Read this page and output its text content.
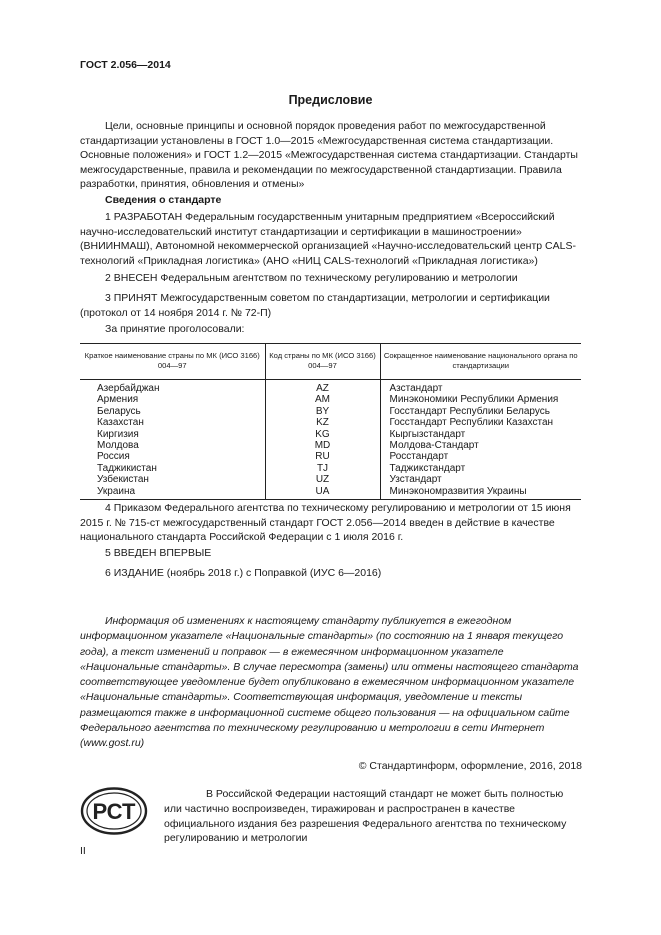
ГОСТ 2.056—2014
Предисловие

Цели, основные принципы и основной порядок проведения работ по межгосударственной стандартизации установлены в ГОСТ 1.0—2015 «Межгосударственная система стандартизации. Основные положения» и ГОСТ 1.2—2015 «Межгосударственная система стандартизации. Стандарты межгосударственные, правила и рекомендации по межгосударственной стандартизации. Правила разработки, принятия, обновления и отмены»

Сведения о стандарте

1 РАЗРАБОТАН Федеральным государственным унитарным предприятием «Всероссийский научно-исследовательский институт стандартизации и сертификации в машиностроении» (ВНИИНМАШ), Автономной некоммерческой организацией «Научно-исследовательский центр CALS-технологий «Прикладная логистика» (АНО «НИЦ CALS-технологий «Прикладная логистика»)

2 ВНЕСЕН Федеральным агентством по техническому регулированию и метрологии

3 ПРИНЯТ Межгосударственным советом по стандартизации, метрологии и сертификации (протокол от 14 ноября 2014 г. № 72-П)

За принятие проголосовали:

Краткое наименование страны по МК (ИСО 3166) 004—97	Код страны по МК (ИСО 3166) 004—97	Сокращенное наименование национального органа по стандартизации
Азербайджан	AZ	Азстандарт
Армения	AM	Минэкономики Республики Армения
Беларусь	BY	Госстандарт Республики Беларусь
Казахстан	KZ	Госстандарт Республики Казахстан
Киргизия	KG	Кыргызстандарт
Молдова	MD	Молдова-Стандарт
Россия	RU	Росстандарт
Таджикистан	TJ	Таджикстандарт
Узбекистан	UZ	Узстандарт
Украина	UA	Минэкономразвития Украины

4 Приказом Федерального агентства по техническому регулированию и метрологии от 15 июня 2015 г. № 715-ст межгосударственный стандарт ГОСТ 2.056—2014 введен в действие в качестве национального стандарта Российской Федерации с 1 июля 2016 г.

5 ВВЕДЕН ВПЕРВЫЕ

6 ИЗДАНИЕ (ноябрь 2018 г.) с Поправкой (ИУС 6—2016)

Информация об изменениях к настоящему стандарту публикуется в ежегодном информационном указателе «Национальные стандарты» (по состоянию на 1 января текущего года), а текст изменений и поправок — в ежемесячном информационном указателе «Национальные стандарты». В случае пересмотра (замены) или отмены настоящего стандарта соответствующее уведомление будет опубликовано в ежемесячном информационном указателе «Национальные стандарты». Соответствующая информация, уведомление и тексты размещаются также в информационной системе общего пользования — на официальном сайте Федерального агентства по техническому регулированию и метрологии в сети Интернет (www.gost.ru)

© Стандартинформ, оформление, 2016, 2018
РСТ

В Российской Федерации настоящий стандарт не может быть полностью или частично воспроизведен, тиражирован и распространен в качестве официального издания без разрешения Федерального агентства по техническому регулированию и метрологии

II
